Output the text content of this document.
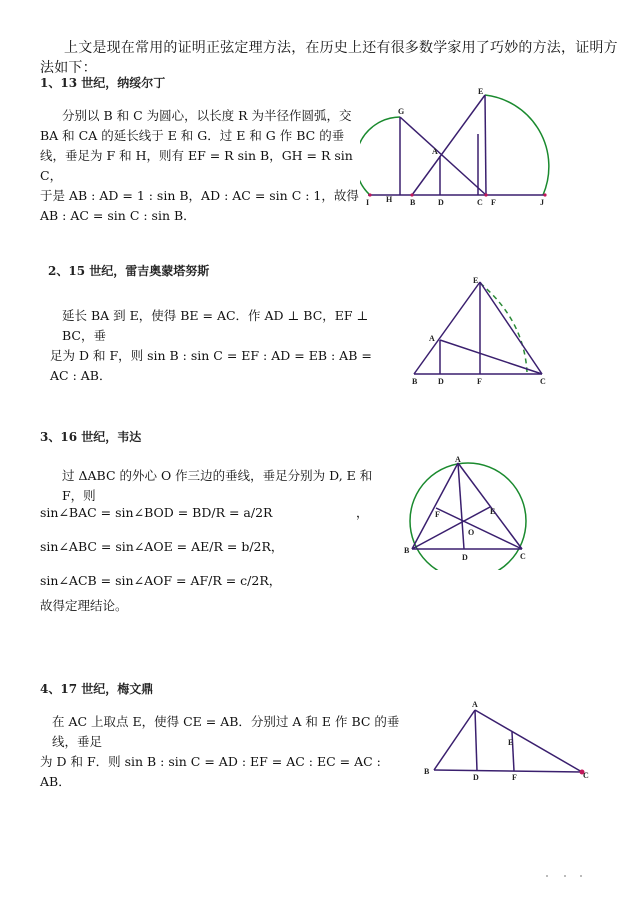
上文是现在常用的证明正弦定理方法，在历史上还有很多数学家用了巧妙的方法，证明方法如下：
1、13 世纪，纳绥尔丁
分别以 B 和 C 为圆心，以长度 R 为半径作圆弧，交
BA 和 CA 的延长线于 E 和 G．过 E 和 G 作 BC 的垂
线，垂足为 F 和 H，则有 EF = R sin B，GH = R sin C，
于是 AB : AD = 1 : sin B，AD : AC = sin C : 1，故得
AB : AC = sin C : sin B．
G
E
A
I H B	D	C F	J
2、15 世纪，雷吉奥蒙塔努斯
延长 BA 到 E，使得 BE = AC．作 AD ⊥ BC，EF ⊥ BC，垂
足为 D 和 F，则 sin B : sin C = EF : AD = EB : AB = AC : AB．
E
A
B	D	F	C
3、16 世纪，韦达
过 ΔABC 的外心 O 作三边的垂线，垂足分别为 D, E 和 F，则
sin∠BAC = sin∠BOD = BD/R = a/2R	，
sin∠ABC = sin∠AOE = AE/R = b/2R，
sin∠ACB = sin∠AOF = AF/R = c/2R，
故得定理结论。
A
F	E
O
B
D	C
4、17 世纪，梅文鼎
在 AC 上取点 E，使得 CE = AB．分别过 A 和 E 作 BC 的垂线，垂足
为 D 和 F．则 sin B : sin C = AD : EF = AC : EC = AC : AB．
A
E
B
D	F	C
